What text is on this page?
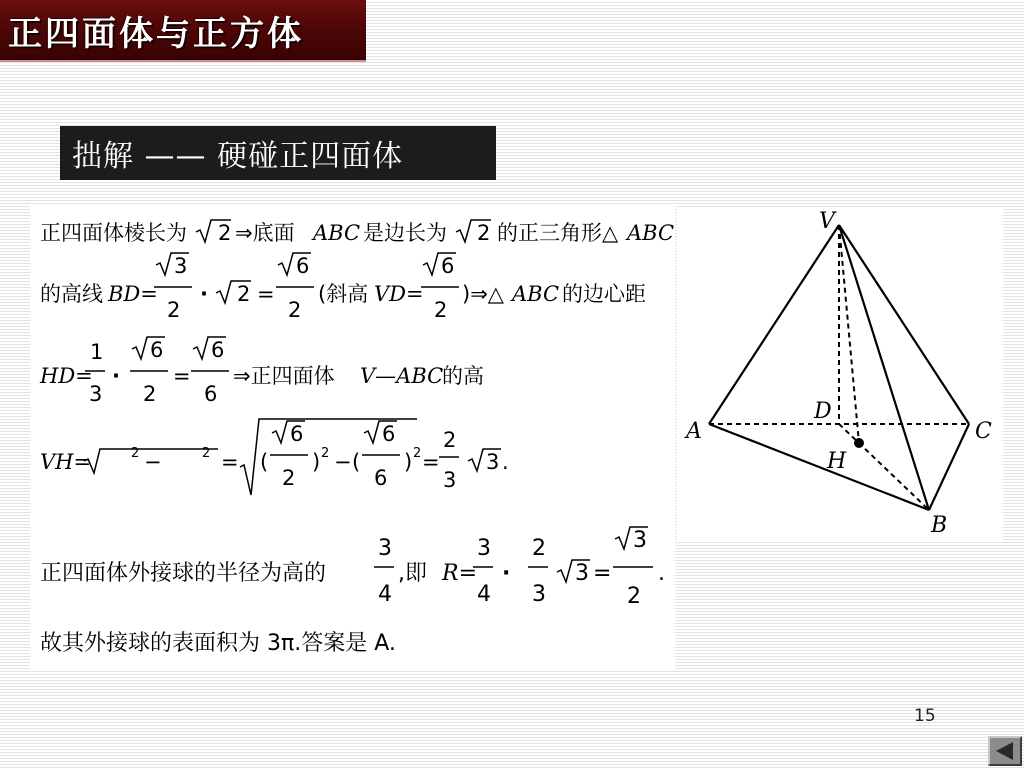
正四面体与正方体
拙解 —— 硬碰正四面体
正四面体棱长为 2 ⇒底面 ABC 是边长为 2 的正三角形△ ABC
的高线 BD=
3
2
· 2 =
6
2
(斜高 VD=
6
2
)⇒△ ABC 的边心距
HD=
1
3
·
6
2
=
6
6
⇒正四面体 V—ABC
的高
VH=	2 −	2 = (
6
2
) 2 − (
6
6
) 2 =
2
3
3 .
正四面体外接球的半径为高的
3
4
,即 R=
3
4
·
2
3
3 =
3
2
.
故其外接球的表面积为 3π.答案是 A.
V
A	C
D
H
B
15
